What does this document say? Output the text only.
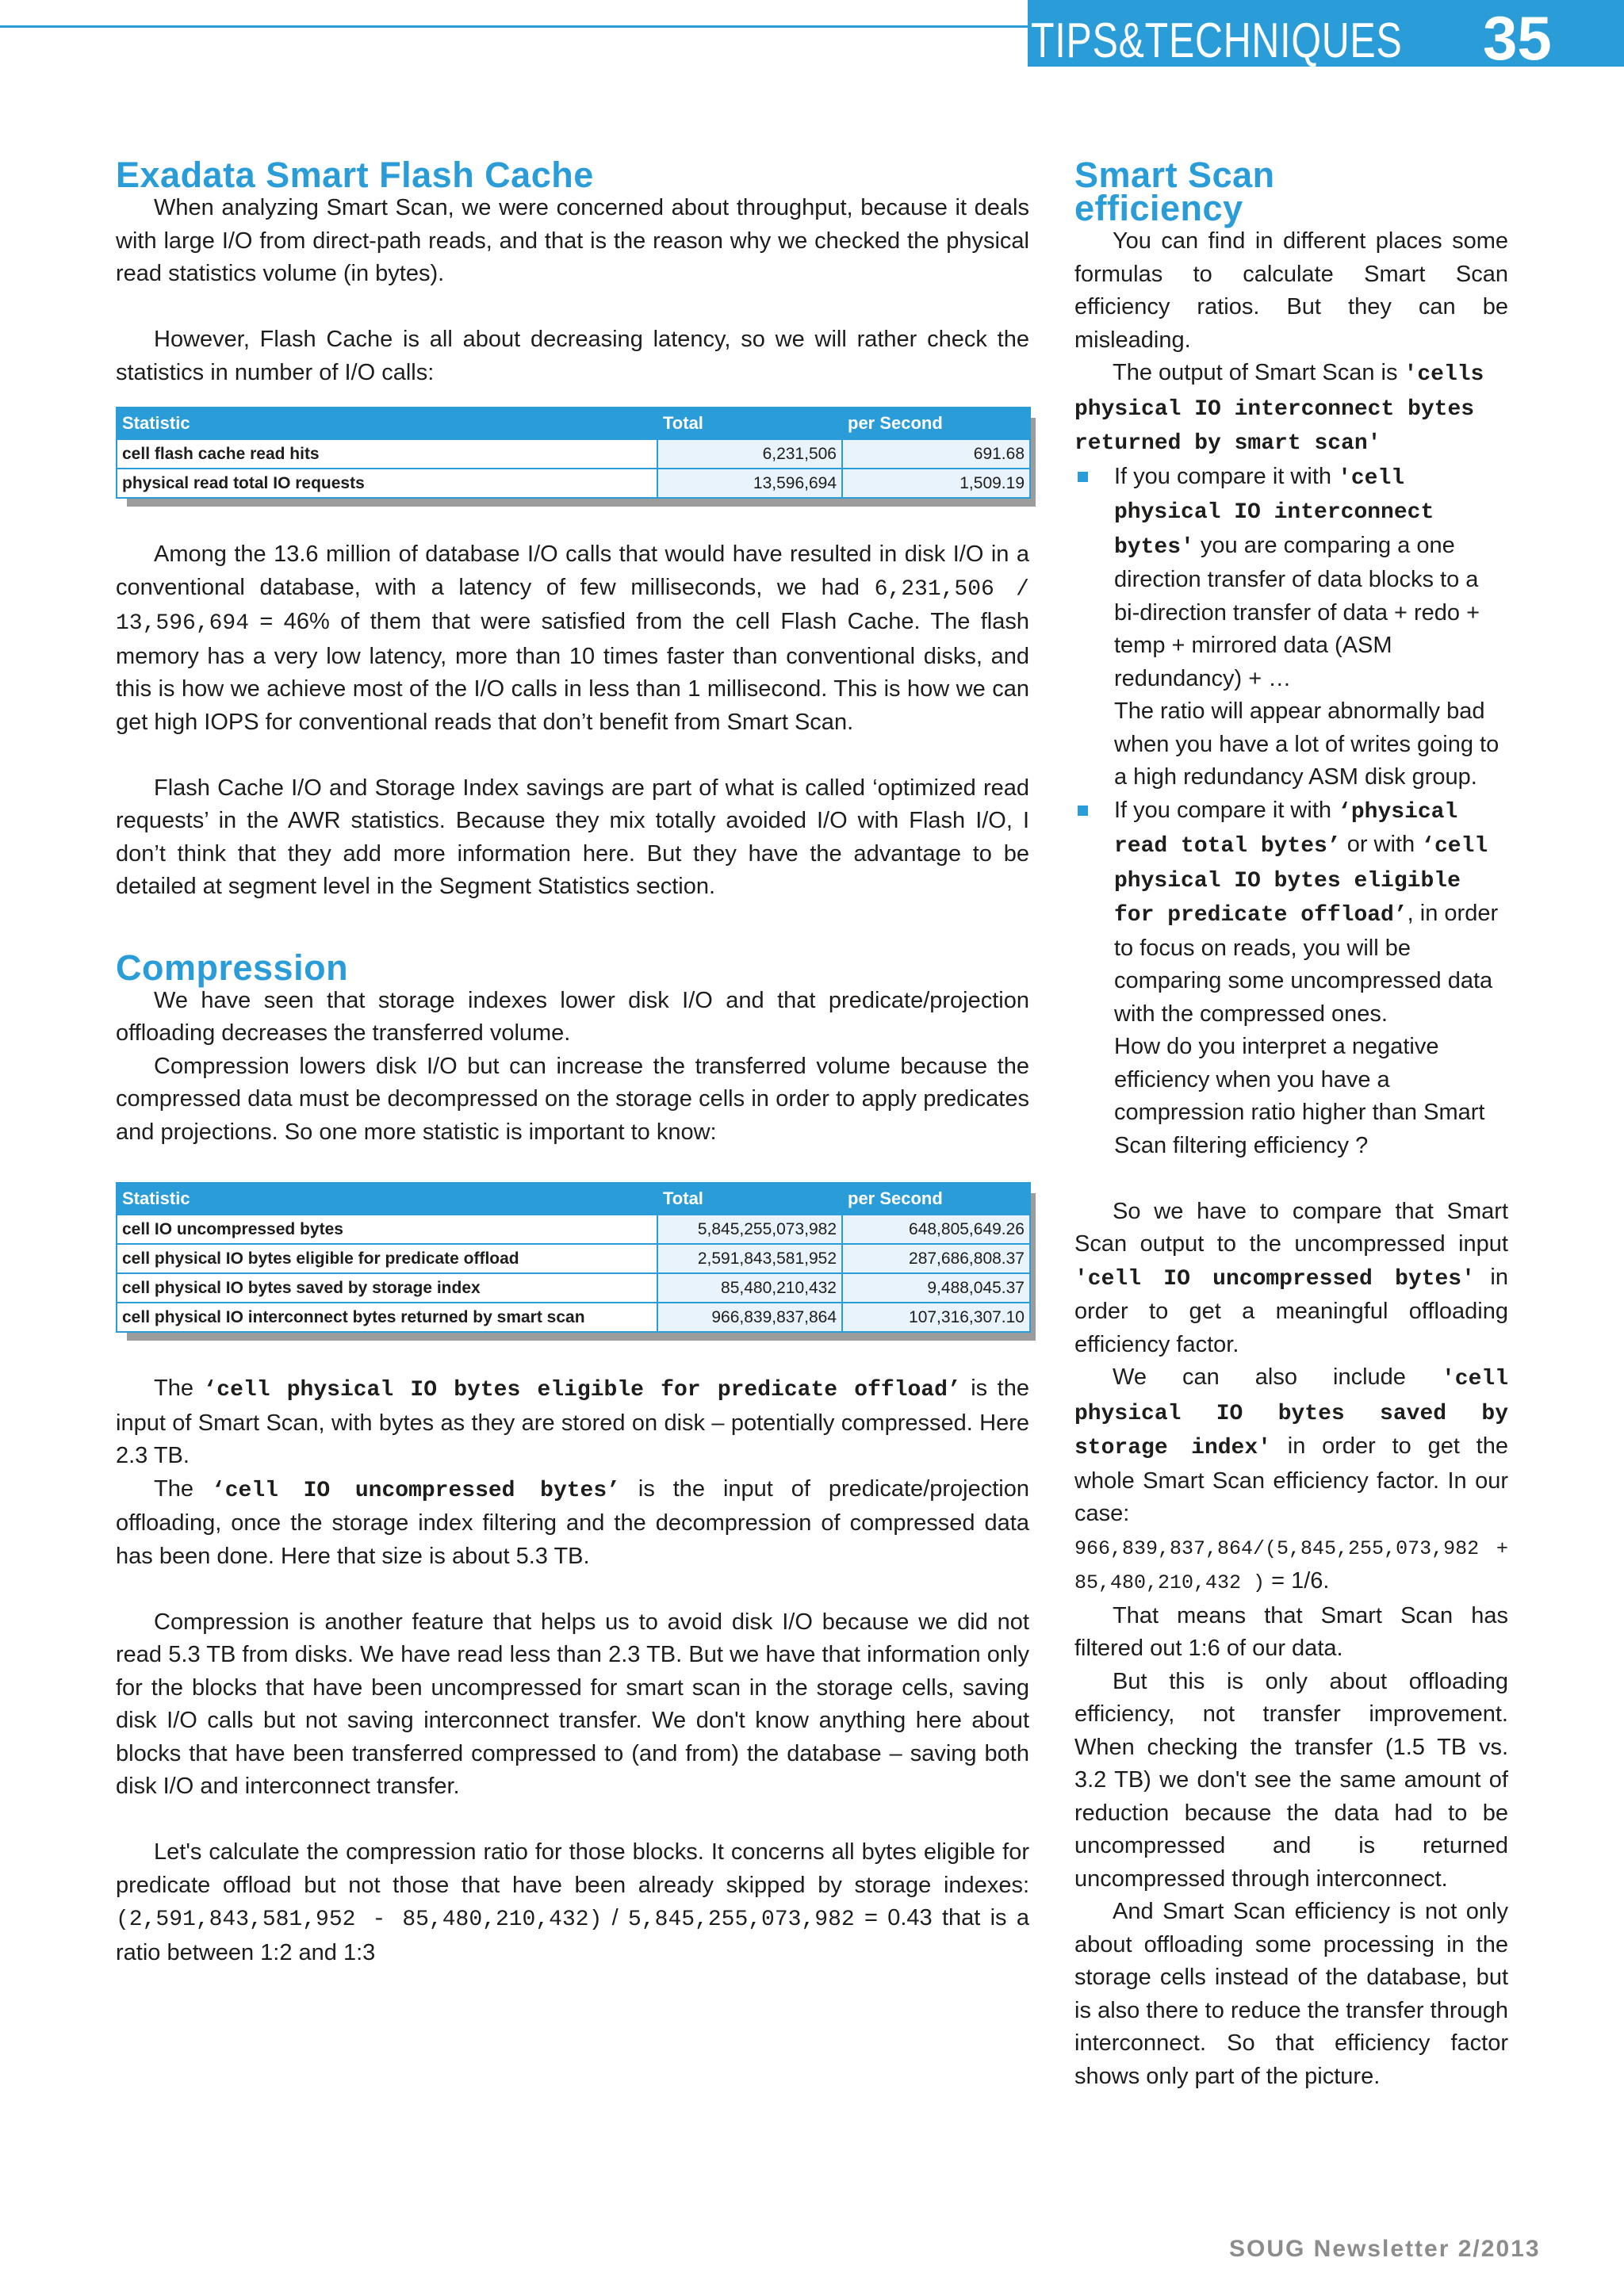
TIPS&TECHNIQUES 35
Exadata Smart Flash Cache

When analyzing Smart Scan, we were concerned about throughput, because it deals with large I/O from direct-path reads, and that is the reason why we checked the physical read statistics volume (in bytes).

However, Flash Cache is all about decreasing latency, so we will rather check the statistics in number of I/O calls:

Statistic	Total	per Second
cell flash cache read hits	6,231,506	691.68
physical read total IO requests	13,596,694	1,509.19

Among the 13.6 million of database I/O calls that would have resulted in disk I/O in a conventional database, with a latency of few milliseconds, we had 6,231,506 / 13,596,694 = 46% of them that were satisfied from the cell Flash Cache. The flash memory has a very low latency, more than 10 times faster than conventional disks, and this is how we achieve most of the I/O calls in less than 1 millisecond. This is how we can get high IOPS for conventional reads that don’t benefit from Smart Scan.

Flash Cache I/O and Storage Index savings are part of what is called ‘optimized read requests’ in the AWR statistics. Because they mix totally avoided I/O with Flash I/O, I don’t think that they add more information here. But they have the advantage to be detailed at segment level in the Segment Statistics section.

Compression

We have seen that storage indexes lower disk I/O and that predicate/projection offloading decreases the transferred volume.

Compression lowers disk I/O but can increase the transferred volume because the compressed data must be decompressed on the storage cells in order to apply predicates and projections. So one more statistic is important to know:

Statistic	Total	per Second
cell IO uncompressed bytes	5,845,255,073,982	648,805,649.26
cell physical IO bytes eligible for predicate offload	2,591,843,581,952	287,686,808.37
cell physical IO bytes saved by storage index	85,480,210,432	9,488,045.37
cell physical IO interconnect bytes returned by smart scan	966,839,837,864	107,316,307.10

The ‘cell physical IO bytes eligible for predicate offload’ is the input of Smart Scan, with bytes as they are stored on disk – potentially compressed. Here 2.3 TB.

The ‘cell IO uncompressed bytes’ is the input of predicate/projection offloading, once the storage index filtering and the decompression of compressed data has been done. Here that size is about 5.3 TB.

Compression is another feature that helps us to avoid disk I/O because we did not read 5.3 TB from disks. We have read less than 2.3 TB. But we have that information only for the blocks that have been uncompressed for smart scan in the storage cells, saving disk I/O calls but not saving interconnect transfer. We don't know anything here about blocks that have been transferred compressed to (and from) the database – saving both disk I/O and interconnect transfer.

Let's calculate the compression ratio for those blocks. It concerns all bytes eligible for predicate offload but not those that have been already skipped by storage indexes: (2,591,843,581,952 - 85,480,210,432) / 5,845,255,073,982 = 0.43 that is a ratio between 1:2 and 1:3

Smart Scan
efficiency

You can find in different places some formulas to calculate Smart Scan efficiency ratios. But they can be misleading.

The output of Smart Scan is 'cells physical IO interconnect bytes returned by smart scan'

If you compare it with 'cell physical IO interconnect bytes' you are comparing a one direction transfer of data blocks to a bi-direction transfer of data + redo + temp + mirrored data (ASM redundancy) + …

The ratio will appear abnormally bad when you have a lot of writes going to a high redundancy ASM disk group.

If you compare it with ‘physical read total bytes’ or with ‘cell physical IO bytes eligible for predicate offload’, in order to focus on reads, you will be comparing some uncompressed data with the compressed ones.

How do you interpret a negative efficiency when you have a compression ratio higher than Smart Scan filtering efficiency ?

So we have to compare that Smart Scan output to the uncompressed input 'cell IO uncompressed bytes' in order to get a meaningful offloading efficiency factor.

We can also include 'cell physical IO bytes saved by storage index' in order to get the whole Smart Scan efficiency factor. In our case: 966,839,837,864/(5,845,255,073,982 + 85,480,210,432 ) = 1/6.

That means that Smart Scan has filtered out 1:6 of our data.

But this is only about offloading efficiency, not transfer improvement. When checking the transfer (1.5 TB vs. 3.2 TB) we don't see the same amount of reduction because the data had to be uncompressed and is returned uncompressed through interconnect.

And Smart Scan efficiency is not only about offloading some processing in the storage cells instead of the database, but is also there to reduce the transfer through interconnect. So that efficiency factor shows only part of the picture.

SOUG Newsletter 2/2013
